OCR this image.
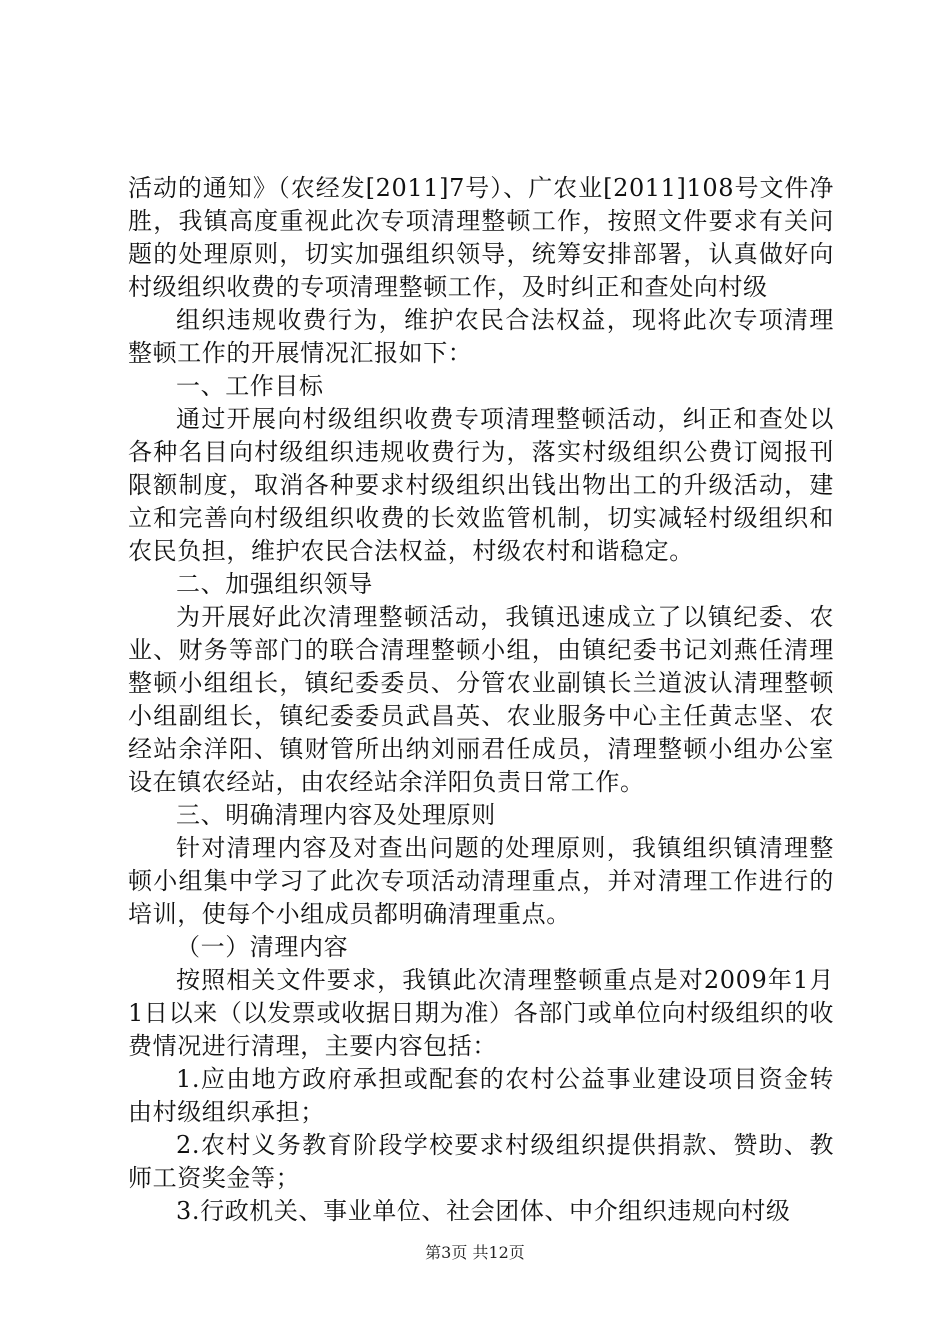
活动的通知》（农经发[2011]7号）、广农业[2011]108号文件净胜，我镇高度重视此次专项清理整顿工作，按照文件要求有关问题的处理原则，切实加强组织领导，统筹安排部署，认真做好向村级组织收费的专项清理整顿工作，及时纠正和查处向村级

组织违规收费行为，维护农民合法权益，现将此次专项清理整顿工作的开展情况汇报如下：

一、工作目标

通过开展向村级组织收费专项清理整顿活动，纠正和查处以各种名目向村级组织违规收费行为，落实村级组织公费订阅报刊限额制度，取消各种要求村级组织出钱出物出工的升级活动，建立和完善向村级组织收费的长效监管机制，切实减轻村级组织和农民负担，维护农民合法权益，村级农村和谐稳定。

二、加强组织领导

为开展好此次清理整顿活动，我镇迅速成立了以镇纪委、农业、财务等部门的联合清理整顿小组，由镇纪委书记刘燕任清理整顿小组组长，镇纪委委员、分管农业副镇长兰道波认清理整顿小组副组长，镇纪委委员武昌英、农业服务中心主任黄志坚、农经站余洋阳、镇财管所出纳刘丽君任成员，清理整顿小组办公室设在镇农经站，由农经站余洋阳负责日常工作。

三、明确清理内容及处理原则

针对清理内容及对查出问题的处理原则，我镇组织镇清理整顿小组集中学习了此次专项活动清理重点，并对清理工作进行的培训，使每个小组成员都明确清理重点。

（一）清理内容

按照相关文件要求，我镇此次清理整顿重点是对2009年1月1日以来（以发票或收据日期为准）各部门或单位向村级组织的收费情况进行清理，主要内容包括：

1.应由地方政府承担或配套的农村公益事业建设项目资金转由村级组织承担；

2.农村义务教育阶段学校要求村级组织提供捐款、赞助、教师工资奖金等；

3.行政机关、事业单位、社会团体、中介组织违规向村级

第3页 共12页
